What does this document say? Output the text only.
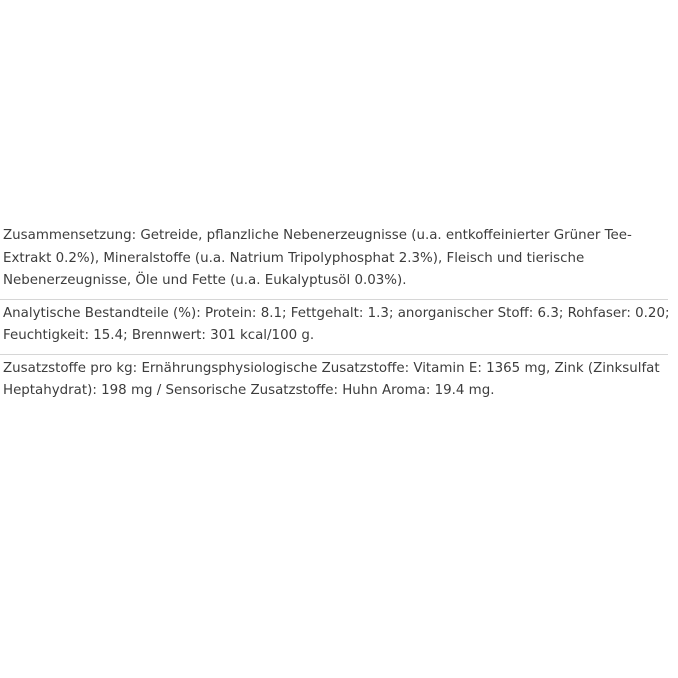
Zusammensetzung: Getreide, pflanzliche Nebenerzeugnisse (u.a. entkoffeinierter Grüner Tee-

Extrakt 0.2%), Mineralstoffe (u.a. Natrium Tripolyphosphat 2.3%), Fleisch und tierische

Nebenerzeugnisse, Öle und Fette (u.a. Eukalyptusöl 0.03%).

Analytische Bestandteile (%): Protein: 8.1; Fettgehalt: 1.3; anorganischer Stoff: 6.3; Rohfaser: 0.20;

Feuchtigkeit: 15.4; Brennwert: 301 kcal/100 g.

Zusatzstoffe pro kg: Ernährungsphysiologische Zusatzstoffe: Vitamin E: 1365 mg, Zink (Zinksulfat

Heptahydrat): 198 mg / Sensorische Zusatzstoffe: Huhn Aroma: 19.4 mg.
